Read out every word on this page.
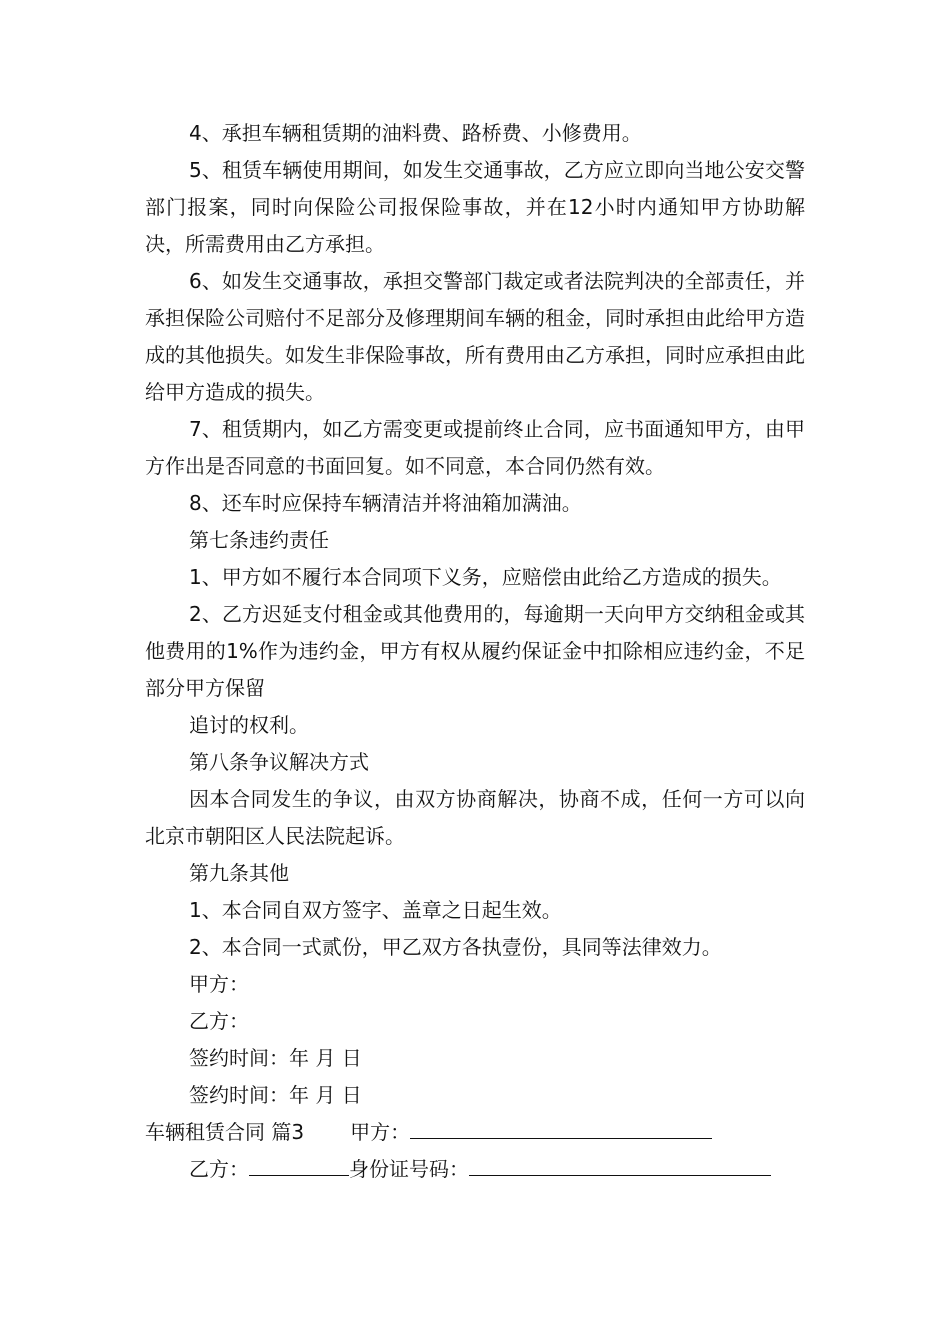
4、承担车辆租赁期的油料费、路桥费、小修费用。

5、租赁车辆使用期间，如发生交通事故，乙方应立即向当地公安交警部门报案，同时向保险公司报保险事故，并在12小时内通知甲方协助解决，所需费用由乙方承担。

6、如发生交通事故，承担交警部门裁定或者法院判决的全部责任，并承担保险公司赔付不足部分及修理期间车辆的租金，同时承担由此给甲方造成的其他损失。如发生非保险事故，所有费用由乙方承担，同时应承担由此给甲方造成的损失。

7、租赁期内，如乙方需变更或提前终止合同，应书面通知甲方，由甲方作出是否同意的书面回复。如不同意，本合同仍然有效。

8、还车时应保持车辆清洁并将油箱加满油。

第七条违约责任

1、甲方如不履行本合同项下义务，应赔偿由此给乙方造成的损失。

2、乙方迟延支付租金或其他费用的，每逾期一天向甲方交纳租金或其他费用的1%作为违约金，甲方有权从履约保证金中扣除相应违约金，不足部分甲方保留

追讨的权利。

第八条争议解决方式

因本合同发生的争议，由双方协商解决，协商不成，任何一方可以向北京市朝阳区人民法院起诉。

第九条其他

1、本合同自双方签字、盖章之日起生效。

2、本合同一式贰份，甲乙双方各执壹份，具同等法律效力。

甲方：

乙方：

签约时间：年 月 日

签约时间：年 月 日

车辆租赁合同 篇3 甲方：

乙方：	身份证号码：
